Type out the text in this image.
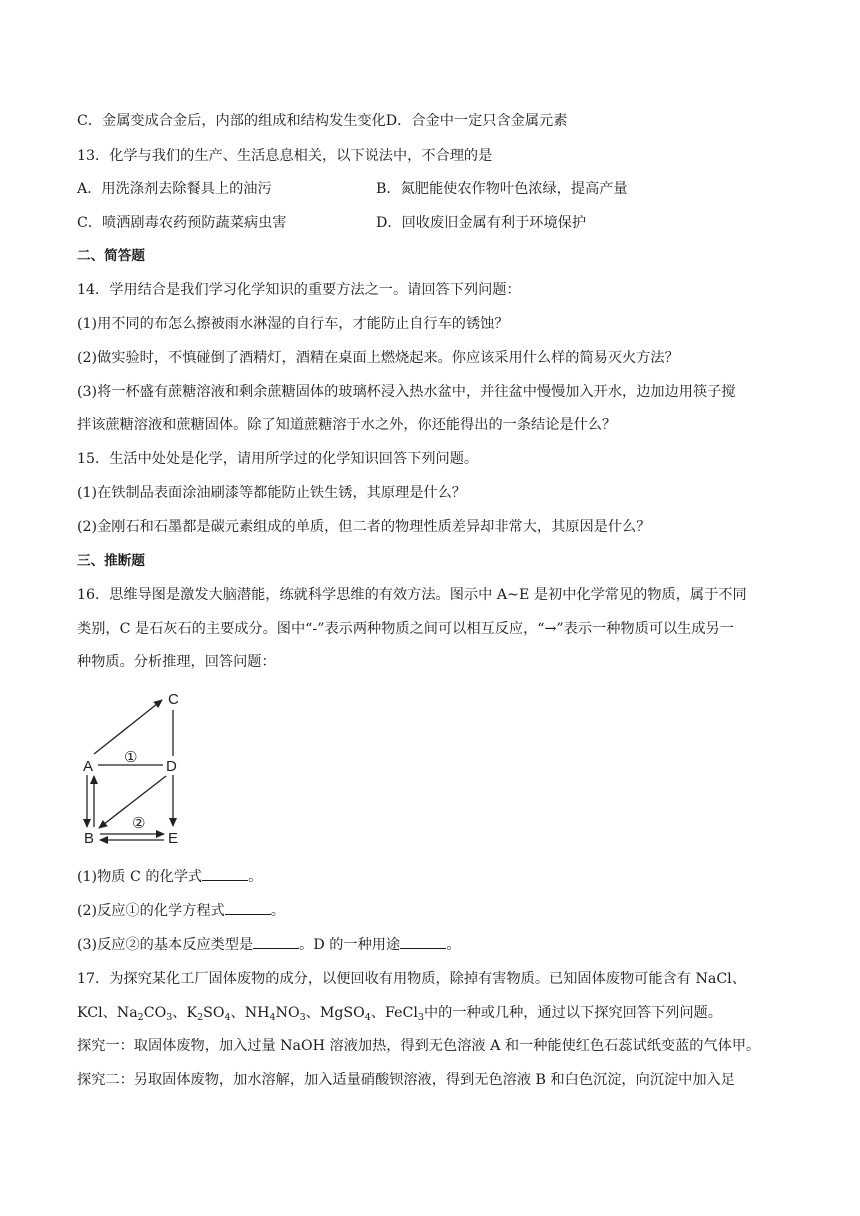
C．金属变成合金后，内部的组成和结构发生变化D．合金中一定只含金属元素
13．化学与我们的生产、生活息息相关，以下说法中，不合理的是
A．用洗涤剂去除餐具上的油污	B．氮肥能使农作物叶色浓绿，提高产量
C．喷洒剧毒农药预防蔬菜病虫害	D．回收废旧金属有利于环境保护
二、简答题
14．学用结合是我们学习化学知识的重要方法之一。请回答下列问题：
(1)用不同的布怎么擦被雨水淋湿的自行车，才能防止自行车的锈蚀？
(2)做实验时，不慎碰倒了酒精灯，酒精在桌面上燃烧起来。你应该采用什么样的简易灭火方法？
(3)将一杯盛有蔗糖溶液和剩余蔗糖固体的玻璃杯浸入热水盆中，并往盆中慢慢加入开水，边加边用筷子搅
拌该蔗糖溶液和蔗糖固体。除了知道蔗糖溶于水之外，你还能得出的一条结论是什么？
15．生活中处处是化学，请用所学过的化学知识回答下列问题。
(1)在铁制品表面涂油刷漆等都能防止铁生锈，其原理是什么？
(2)金刚石和石墨都是碳元素组成的单质，但二者的物理性质差异却非常大，其原因是什么？
三、推断题
16．思维导图是激发大脑潜能，练就科学思维的有效方法。图示中 A~E 是初中化学常见的物质，属于不同
类别，C 是石灰石的主要成分。图中“-”表示两种物质之间可以相互反应，“→”表示一种物质可以生成另一
种物质。分析推理，回答问题：
C
A	D
B	E
①
②
(1)物质 C 的化学式	。
(2)反应①的化学方程式	。
(3)反应②的基本反应类型是	。D 的一种用途	。
17．为探究某化工厂固体废物的成分，以便回收有用物质，除掉有害物质。已知固体废物可能含有 NaCl、
KCl、$Na_2CO_3$、$K_2SO_4$、$NH_4NO_3$、MgSO$_4$、FeCl$_3$中的一种或几种，通过以下探究回答下列问题。
探究一：取固体废物，加入过量 NaOH 溶液加热，得到无色溶液 A 和一种能使红色石蕊试纸变蓝的气体甲。
探究二：另取固体废物，加水溶解，加入适量硝酸钡溶液，得到无色溶液 B 和白色沉淀，向沉淀中加入足
